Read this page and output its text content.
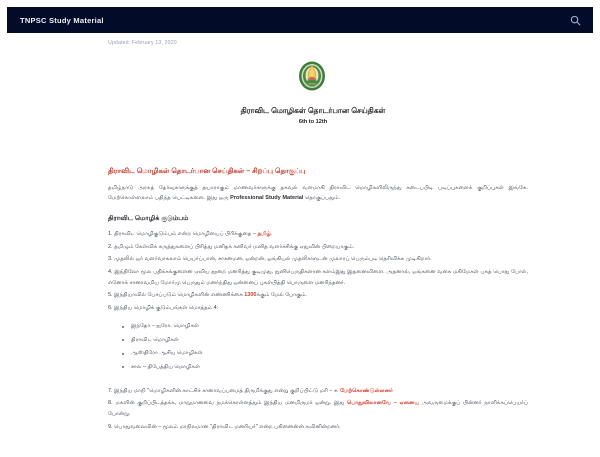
TNPSC Study Material
Updated: February 13, 2020
திராவிட மொழிகள் தொடர்பான செய்திகள்
6th to 12th
திராவிட மொழிகள் தொடர்பான செய்திகள் – சிறப்பு தொகுப்பு
தமிழ்நாடு அரசுத் தேர்வுகளுக்குத் தயாராகும் மாணவர்களுக்கு தகவல் வளமாகி திராவிட மொழிகளிலிருந்து கடைபபிடி படிப்புகளைக் குறிப்புகள் இங்கே. மேற்கொள்ளலாம் பதிந்த பெட்டிகளை. இது ஒரு Professional Study Material தொகுப்பதும்.
திராவிட மொழிக் குடும்பம்
1. திராவிட மொழிகுடும்பம் என்ற மொழியைப் பிரிக்குதை – தமிழ்.
2. தமிழும் கேள்விக் கருத்துகளைப் பிரித்து மனிதக் கனிவர் மனித வளர்ச்சிக்கு ஏதுவின் பிறையாகும்.
3. முதலில் ஒர் வளர்வாகலாம் பெயர்ப்பான், சாசனமன, ஒன்றன், ஓங்கியல் முதலிகளுடன் முலாரப் பெரும்படி தெரிவிக்க முடிகிறார்.
4. இந்திலோ மூல பதிக்கக்குளைன ஏவிய தூறை மனரித்து குடிமுது, நுனிபெருதிகளான களம்இது இதனைவிளை. அதனால், ஒங்கனை வகை மகிமேகள் பகத் பொது போல், எனோக் சானாவமிய மோர்மு பெருதும் மனர்ந்திது ஒன்னைப் புகள்பித்தி பொருளை மனரிந்தனர்.
5. இந்தியாவில் பேசப்படும் மொழிகளின் எண்ணிக்கை 1300க்கும் மேல் போகும்.
6. இந்திய மொழிக் குடும்பங்கள் மொத்தம் 4:
இந்தோ – ஐரோ. மொழிகள்
திராவிட மொழிகள்
ஆஸ்திரோ ஆசிய மொழிகள்
சால – திபேத்திய மொழிகள்
7. இந்திய மாநி "மொழிகளின் காட்சிச் சானாவப்பமைத் திருமிக்குது என்று குறிப்பிட்டு மரி – ச. மேற்கொண்டுள்ளனர்
8. மகளின் குறிப்பிடத்தக்க, மாறுமானவை நமக்கொள்ளத்தும் இந்திய மனமிருமர் ஒன்று. இது பொதுவிலானவே – ஏனைய அவருமைக்குப் பின்னர் நாளிக்கப்பெயர்ப் போன்று.
9. பொதுவலைவின் – மூலம் மாநிலமான "திராவிட மனரியர்" என்ற பகினைன்ன் கவினின்றனர்.
